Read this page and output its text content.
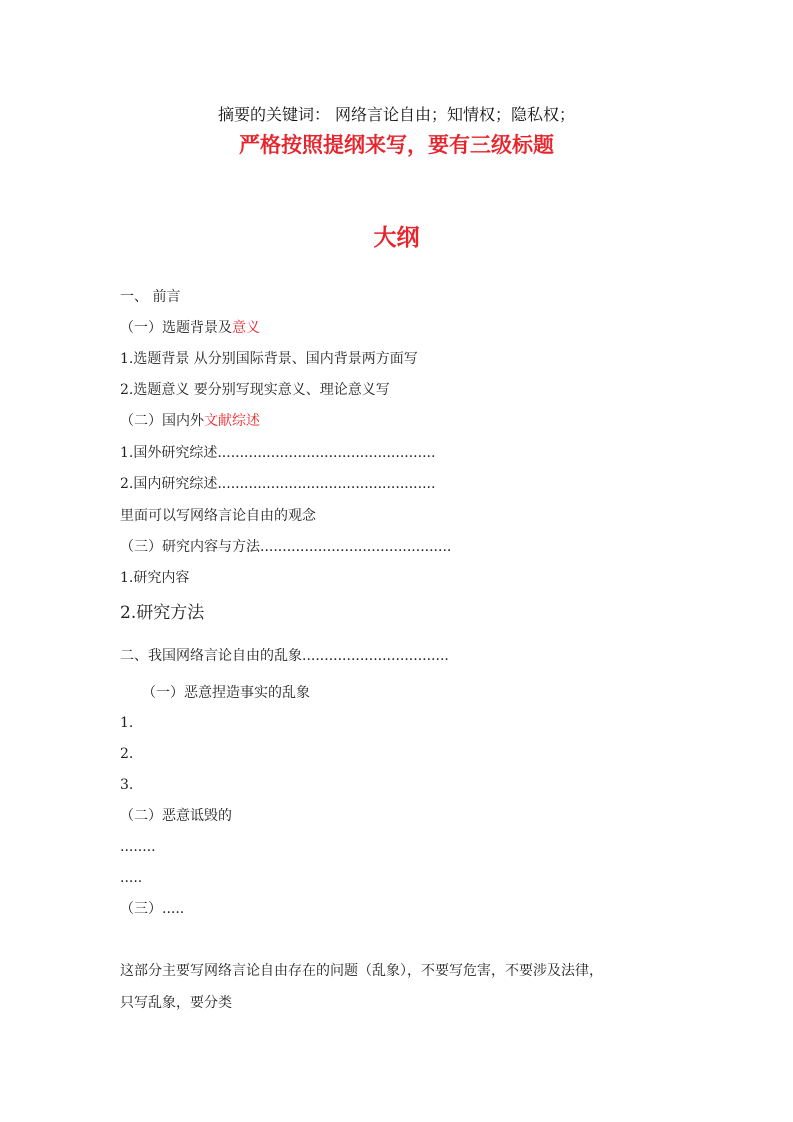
摘要的关键词： 网络言论自由；知情权；隐私权；
严格按照提纲来写，要有三级标题
大纲
一、 前言
（一）选题背景及意义
1.选题背景 从分别国际背景、国内背景两方面写
2.选题意义 要分别写现实意义、理论意义写
（二）国内外文献综述
1.国外研究综述.................................................
2.国内研究综述.................................................
里面可以写网络言论自由的观念
（三）研究内容与方法...........................................
1.研究内容
2.研究方法
二、我国网络言论自由的乱象.................................
（一）恶意捏造事实的乱象
1.
2.
3.
（二）恶意诋毁的
........
.....
（三）.....
这部分主要写网络言论自由存在的问题（乱象），不要写危害，不要涉及法律，
只写乱象，要分类
